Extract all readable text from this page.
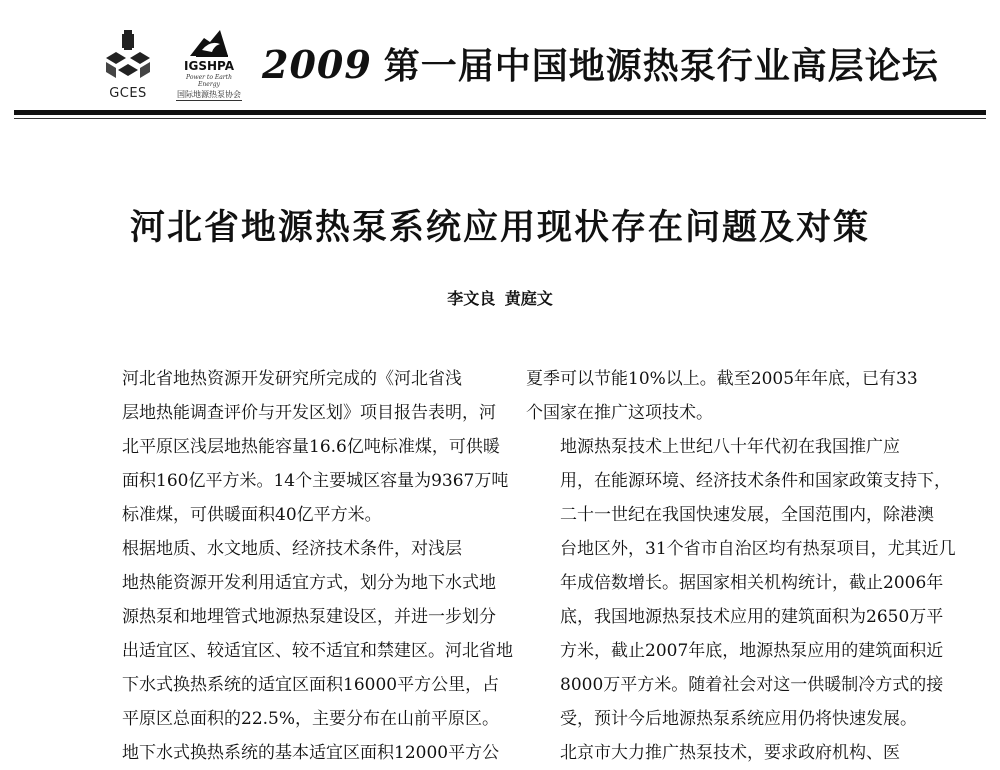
GCES
IGSHPA
Power to Earth Energy
国际地源热泵协会
2009 第一届中国地源热泵行业高层论坛
河北省地源热泵系统应用现状存在问题及对策
李文良 黄庭文

河北省地热资源开发研究所完成的《河北省浅
层地热能调查评价与开发区划》项目报告表明，河
北平原区浅层地热能容量16.6亿吨标准煤，可供暖
面积160亿平方米。14个主要城区容量为9367万吨
标准煤，可供暖面积40亿平方米。

根据地质、水文地质、经济技术条件，对浅层
地热能资源开发利用适宜方式，划分为地下水式地
源热泵和地埋管式地源热泵建设区，并进一步划分
出适宜区、较适宜区、较不适宜和禁建区。河北省地
下水式换热系统的适宜区面积16000平方公里，占
平原区总面积的22.5%，主要分布在山前平原区。
地下水式换热系统的基本适宜区面积12000平方公

夏季可以节能10%以上。截至2005年年底，已有33
个国家在推广这项技术。

地源热泵技术上世纪八十年代初在我国推广应
用，在能源环境、经济技术条件和国家政策支持下，
二十一世纪在我国快速发展，全国范围内，除港澳
台地区外，31个省市自治区均有热泵项目，尤其近几
年成倍数增长。据国家相关机构统计，截止2006年
底，我国地源热泵技术应用的建筑面积为2650万平
方米，截止2007年底，地源热泵应用的建筑面积近
8000万平方米。随着社会对这一供暖制冷方式的接
受，预计今后地源热泵系统应用仍将快速发展。

北京市大力推广热泵技术，要求政府机构、医
